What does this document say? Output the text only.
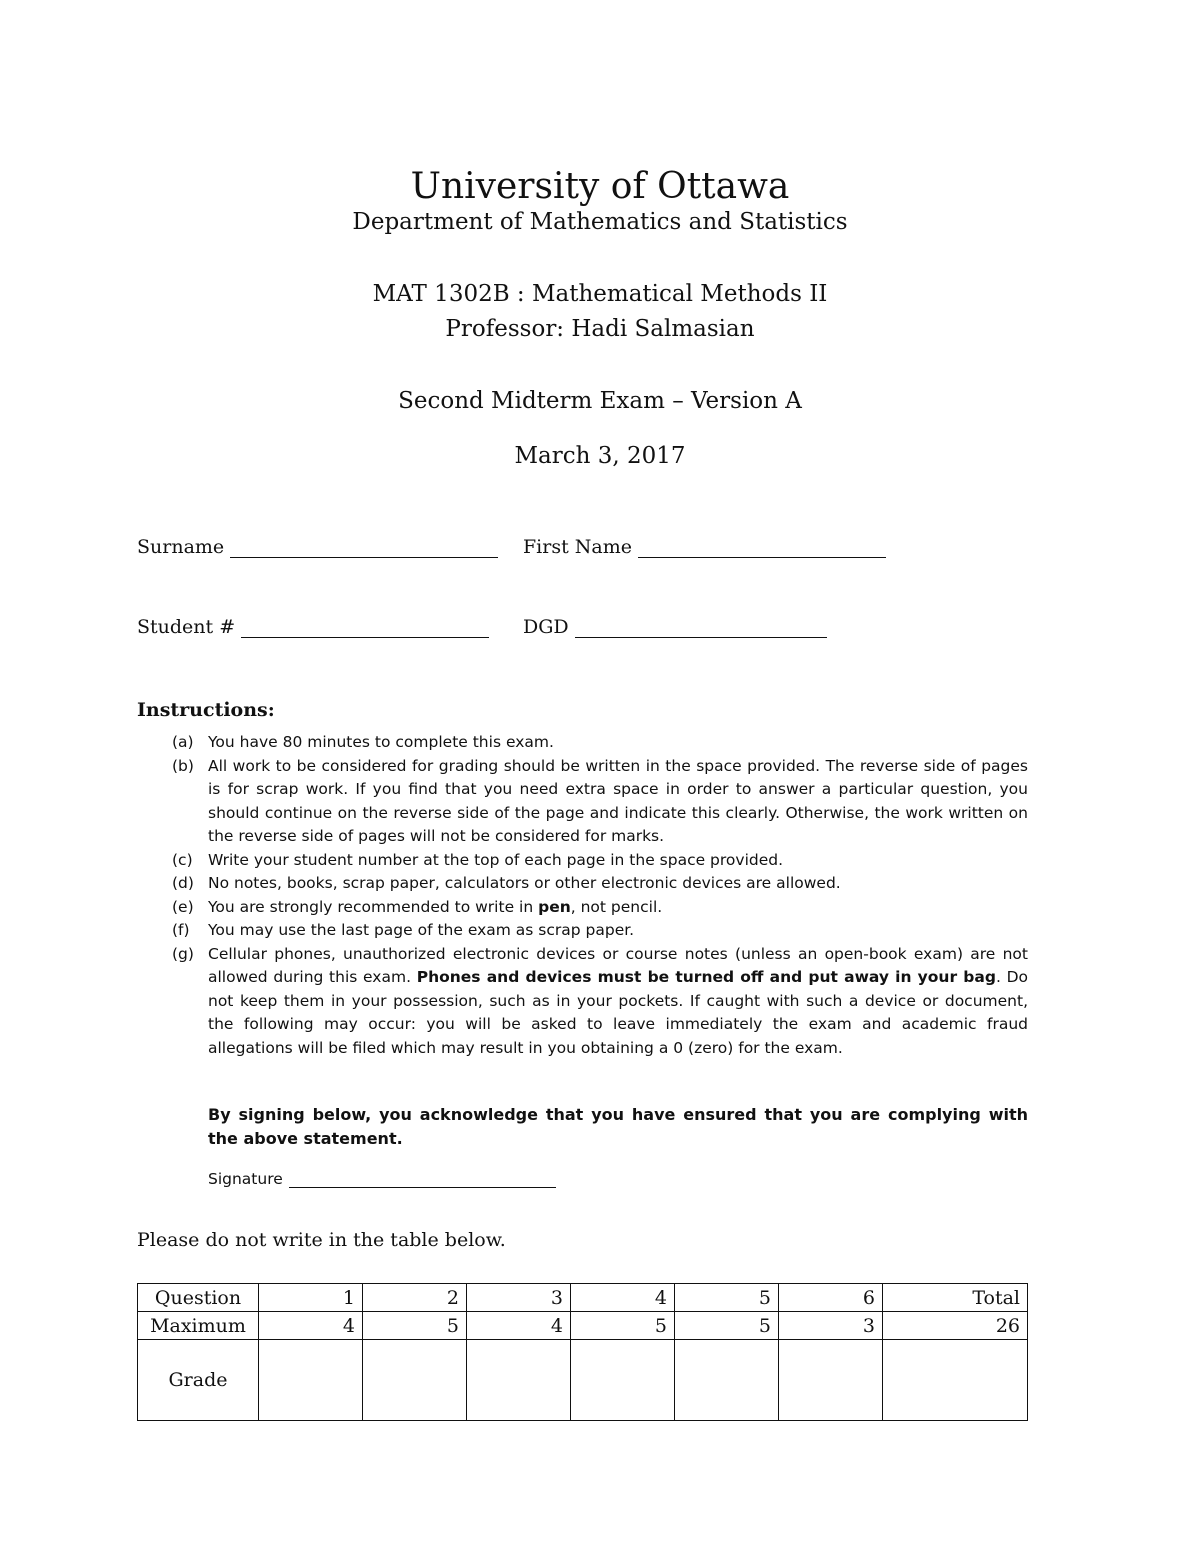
University of Ottawa
Department of Mathematics and Statistics
MAT 1302B : Mathematical Methods II
Professor: Hadi Salmasian
Second Midterm Exam – Version A
March 3, 2017
Surname	First Name
Student #	DGD
Instructions:
(a) You have 80 minutes to complete this exam.
(b) All work to be considered for grading should be written in the space provided. The reverse side of pages is for scrap work. If you find that you need extra space in order to answer a particular question, you should continue on the reverse side of the page and indicate this clearly. Otherwise, the work written on the reverse side of pages will not be considered for marks.
(c) Write your student number at the top of each page in the space provided.
(d) No notes, books, scrap paper, calculators or other electronic devices are allowed.
(e) You are strongly recommended to write in pen, not pencil.
(f) You may use the last page of the exam as scrap paper.
(g) Cellular phones, unauthorized electronic devices or course notes (unless an open-book exam) are not allowed during this exam. Phones and devices must be turned off and put away in your bag. Do not keep them in your possession, such as in your pockets. If caught with such a device or document, the following may occur: you will be asked to leave immediately the exam and academic fraud allegations will be filed which may result in you obtaining a 0 (zero) for the exam.
By signing below, you acknowledge that you have ensured that you are complying with the above statement.
Signature
Please do not write in the table below.
Question	1	2	3	4	5	6	Total
Maximum	4	5	4	5	5	3	26
Grade							
